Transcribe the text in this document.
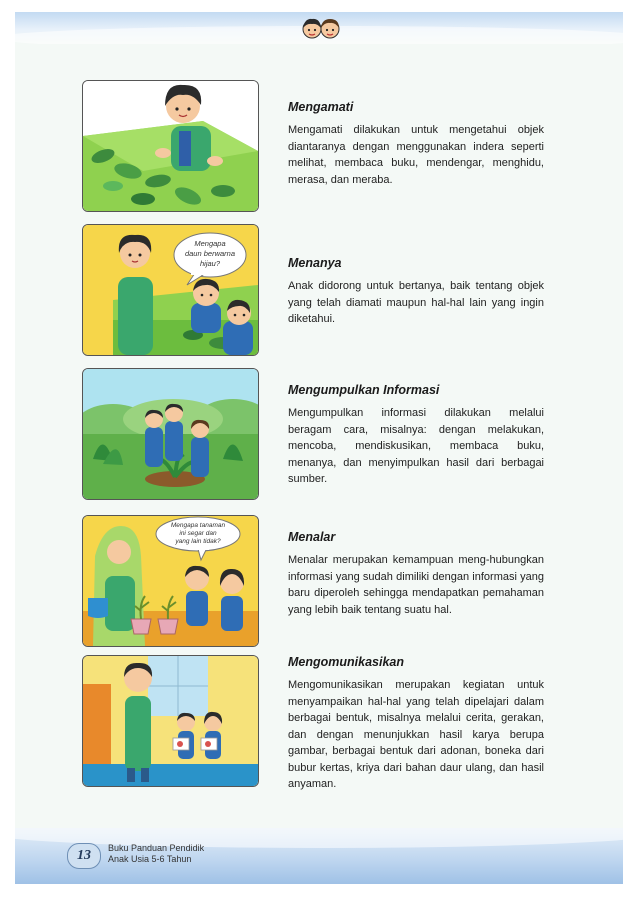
Mengapa
daun berwarna
hijau?
Mengapa tanaman
ini segar dan
yang lain tidak?
Mengamati

Mengamati dilakukan untuk mengetahui objek diantaranya dengan menggunakan indera seperti melihat, membaca buku, mendengar, menghidu, merasa, dan meraba.

Menanya

Anak didorong untuk bertanya, baik tentang objek yang telah diamati maupun hal-hal lain yang ingin diketahui.

Mengumpulkan Informasi

Mengumpulkan informasi dilakukan melalui beragam cara, misalnya: dengan melakukan, mencoba, mendiskusikan, membaca buku, menanya, dan menyimpulkan hasil dari berbagai sumber.

Menalar

Menalar merupakan kemampuan meng-hubungkan informasi yang sudah dimiliki dengan informasi yang baru diperoleh sehingga mendapatkan pemahaman yang lebih baik tentang suatu hal.

Mengomunikasikan

Mengomunikasikan merupakan kegiatan untuk menyampaikan hal-hal yang telah dipelajari dalam berbagai bentuk, misalnya melalui cerita, gerakan, dan dengan menunjukkan hasil karya berupa gambar, berbagai bentuk dari adonan, boneka dari bubur kertas, kriya dari bahan daur ulang, dan hasil anyaman.

13	Buku Panduan Pendidik
Anak Usia 5-6 Tahun
